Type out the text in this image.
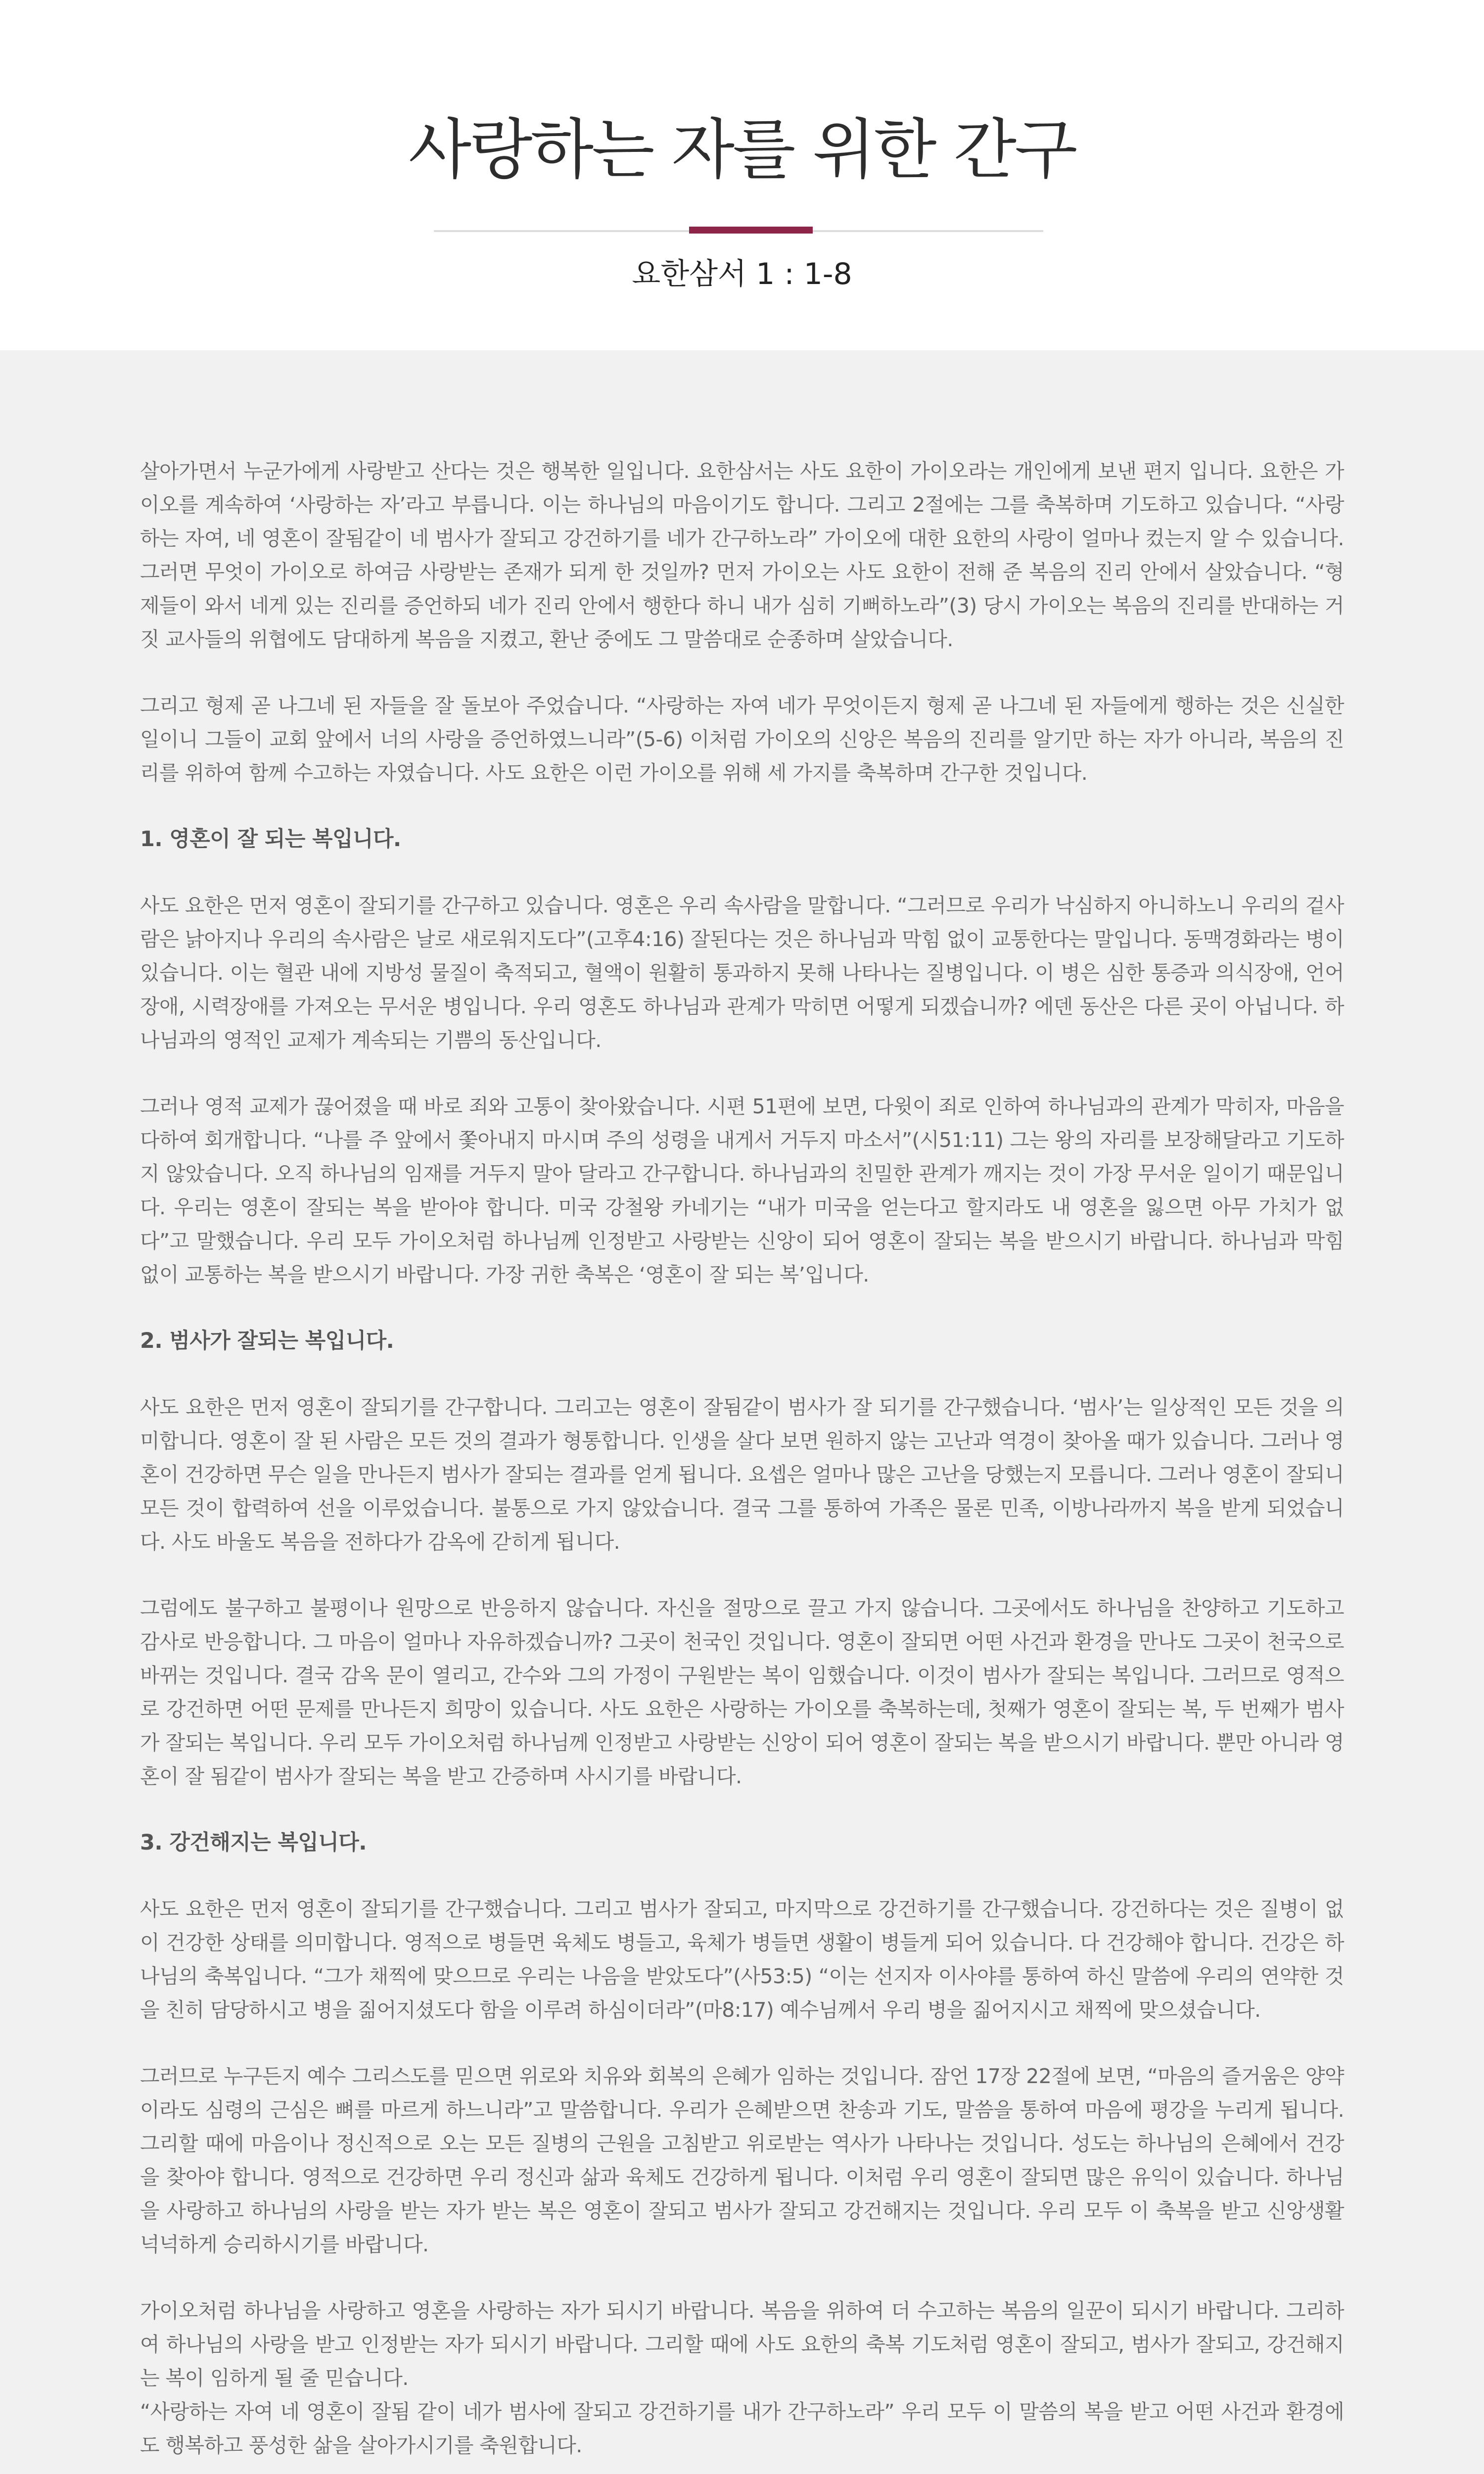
사랑하는 자를 위한 간구
요한삼서 1 : 1-8

살아가면서 누군가에게 사랑받고 산다는 것은 행복한 일입니다. 요한삼서는 사도 요한이 가이오라는 개인에게 보낸 편지 입니다. 요한은 가이오를 계속하여 ‘사랑하는 자’라고 부릅니다. 이는 하나님의 마음이기도 합니다. 그리고 2절에는 그를 축복하며 기도하고 있습니다. “사랑하는 자여, 네 영혼이 잘됨같이 네 범사가 잘되고 강건하기를 네가 간구하노라” 가이오에 대한 요한의 사랑이 얼마나 컸는지 알 수 있습니다. 그러면 무엇이 가이오로 하여금 사랑받는 존재가 되게 한 것일까? 먼저 가이오는 사도 요한이 전해 준 복음의 진리 안에서 살았습니다. “형제들이 와서 네게 있는 진리를 증언하되 네가 진리 안에서 행한다 하니 내가 심히 기뻐하노라”(3) 당시 가이오는 복음의 진리를 반대하는 거짓 교사들의 위협에도 담대하게 복음을 지켰고, 환난 중에도 그 말씀대로 순종하며 살았습니다.

그리고 형제 곧 나그네 된 자들을 잘 돌보아 주었습니다. “사랑하는 자여 네가 무엇이든지 형제 곧 나그네 된 자들에게 행하는 것은 신실한 일이니 그들이 교회 앞에서 너의 사랑을 증언하였느니라”(5-6) 이처럼 가이오의 신앙은 복음의 진리를 알기만 하는 자가 아니라, 복음의 진리를 위하여 함께 수고하는 자였습니다. 사도 요한은 이런 가이오를 위해 세 가지를 축복하며 간구한 것입니다.

1. 영혼이 잘 되는 복입니다.

사도 요한은 먼저 영혼이 잘되기를 간구하고 있습니다. 영혼은 우리 속사람을 말합니다. “그러므로 우리가 낙심하지 아니하노니 우리의 겉사람은 낡아지나 우리의 속사람은 날로 새로워지도다”(고후4:16) 잘된다는 것은 하나님과 막힘 없이 교통한다는 말입니다. 동맥경화라는 병이 있습니다. 이는 혈관 내에 지방성 물질이 축적되고, 혈액이 원활히 통과하지 못해 나타나는 질병입니다. 이 병은 심한 통증과 의식장애, 언어장애, 시력장애를 가져오는 무서운 병입니다. 우리 영혼도 하나님과 관계가 막히면 어떻게 되겠습니까? 에덴 동산은 다른 곳이 아닙니다. 하나님과의 영적인 교제가 계속되는 기쁨의 동산입니다.

그러나 영적 교제가 끊어졌을 때 바로 죄와 고통이 찾아왔습니다. 시편 51편에 보면, 다윗이 죄로 인하여 하나님과의 관계가 막히자, 마음을 다하여 회개합니다. “나를 주 앞에서 쫓아내지 마시며 주의 성령을 내게서 거두지 마소서”(시51:11) 그는 왕의 자리를 보장해달라고 기도하지 않았습니다. 오직 하나님의 임재를 거두지 말아 달라고 간구합니다. 하나님과의 친밀한 관계가 깨지는 것이 가장 무서운 일이기 때문입니다. 우리는 영혼이 잘되는 복을 받아야 합니다. 미국 강철왕 카네기는 “내가 미국을 얻는다고 할지라도 내 영혼을 잃으면 아무 가치가 없다”고 말했습니다. 우리 모두 가이오처럼 하나님께 인정받고 사랑받는 신앙이 되어 영혼이 잘되는 복을 받으시기 바랍니다. 하나님과 막힘 없이 교통하는 복을 받으시기 바랍니다. 가장 귀한 축복은 ‘영혼이 잘 되는 복’입니다.

2. 범사가 잘되는 복입니다.

사도 요한은 먼저 영혼이 잘되기를 간구합니다. 그리고는 영혼이 잘됨같이 범사가 잘 되기를 간구했습니다. ‘범사’는 일상적인 모든 것을 의미합니다. 영혼이 잘 된 사람은 모든 것의 결과가 형통합니다. 인생을 살다 보면 원하지 않는 고난과 역경이 찾아올 때가 있습니다. 그러나 영혼이 건강하면 무슨 일을 만나든지 범사가 잘되는 결과를 얻게 됩니다. 요셉은 얼마나 많은 고난을 당했는지 모릅니다. 그러나 영혼이 잘되니 모든 것이 합력하여 선을 이루었습니다. 불통으로 가지 않았습니다. 결국 그를 통하여 가족은 물론 민족, 이방나라까지 복을 받게 되었습니다. 사도 바울도 복음을 전하다가 감옥에 갇히게 됩니다.

그럼에도 불구하고 불평이나 원망으로 반응하지 않습니다. 자신을 절망으로 끌고 가지 않습니다. 그곳에서도 하나님을 찬양하고 기도하고 감사로 반응합니다. 그 마음이 얼마나 자유하겠습니까? 그곳이 천국인 것입니다. 영혼이 잘되면 어떤 사건과 환경을 만나도 그곳이 천국으로 바뀌는 것입니다. 결국 감옥 문이 열리고, 간수와 그의 가정이 구원받는 복이 임했습니다. 이것이 범사가 잘되는 복입니다. 그러므로 영적으로 강건하면 어떤 문제를 만나든지 희망이 있습니다. 사도 요한은 사랑하는 가이오를 축복하는데, 첫째가 영혼이 잘되는 복, 두 번째가 범사가 잘되는 복입니다. 우리 모두 가이오처럼 하나님께 인정받고 사랑받는 신앙이 되어 영혼이 잘되는 복을 받으시기 바랍니다. 뿐만 아니라 영혼이 잘 됨같이 범사가 잘되는 복을 받고 간증하며 사시기를 바랍니다.

3. 강건해지는 복입니다.

사도 요한은 먼저 영혼이 잘되기를 간구했습니다. 그리고 범사가 잘되고, 마지막으로 강건하기를 간구했습니다. 강건하다는 것은 질병이 없이 건강한 상태를 의미합니다. 영적으로 병들면 육체도 병들고, 육체가 병들면 생활이 병들게 되어 있습니다. 다 건강해야 합니다. 건강은 하나님의 축복입니다. “그가 채찍에 맞으므로 우리는 나음을 받았도다”(사53:5) “이는 선지자 이사야를 통하여 하신 말씀에 우리의 연약한 것을 친히 담당하시고 병을 짊어지셨도다 함을 이루려 하심이더라”(마8:17) 예수님께서 우리 병을 짊어지시고 채찍에 맞으셨습니다.

그러므로 누구든지 예수 그리스도를 믿으면 위로와 치유와 회복의 은혜가 임하는 것입니다. 잠언 17장 22절에 보면, “마음의 즐거움은 양약이라도 심령의 근심은 뼈를 마르게 하느니라”고 말씀합니다. 우리가 은혜받으면 찬송과 기도, 말씀을 통하여 마음에 평강을 누리게 됩니다. 그리할 때에 마음이나 정신적으로 오는 모든 질병의 근원을 고침받고 위로받는 역사가 나타나는 것입니다. 성도는 하나님의 은혜에서 건강을 찾아야 합니다. 영적으로 건강하면 우리 정신과 삶과 육체도 건강하게 됩니다. 이처럼 우리 영혼이 잘되면 많은 유익이 있습니다. 하나님을 사랑하고 하나님의 사랑을 받는 자가 받는 복은 영혼이 잘되고 범사가 잘되고 강건해지는 것입니다. 우리 모두 이 축복을 받고 신앙생활 넉넉하게 승리하시기를 바랍니다.

가이오처럼 하나님을 사랑하고 영혼을 사랑하는 자가 되시기 바랍니다. 복음을 위하여 더 수고하는 복음의 일꾼이 되시기 바랍니다. 그리하여 하나님의 사랑을 받고 인정받는 자가 되시기 바랍니다. 그리할 때에 사도 요한의 축복 기도처럼 영혼이 잘되고, 범사가 잘되고, 강건해지는 복이 임하게 될 줄 믿습니다.
“사랑하는 자여 네 영혼이 잘됨 같이 네가 범사에 잘되고 강건하기를 내가 간구하노라” 우리 모두 이 말씀의 복을 받고 어떤 사건과 환경에도 행복하고 풍성한 삶을 살아가시기를 축원합니다.
